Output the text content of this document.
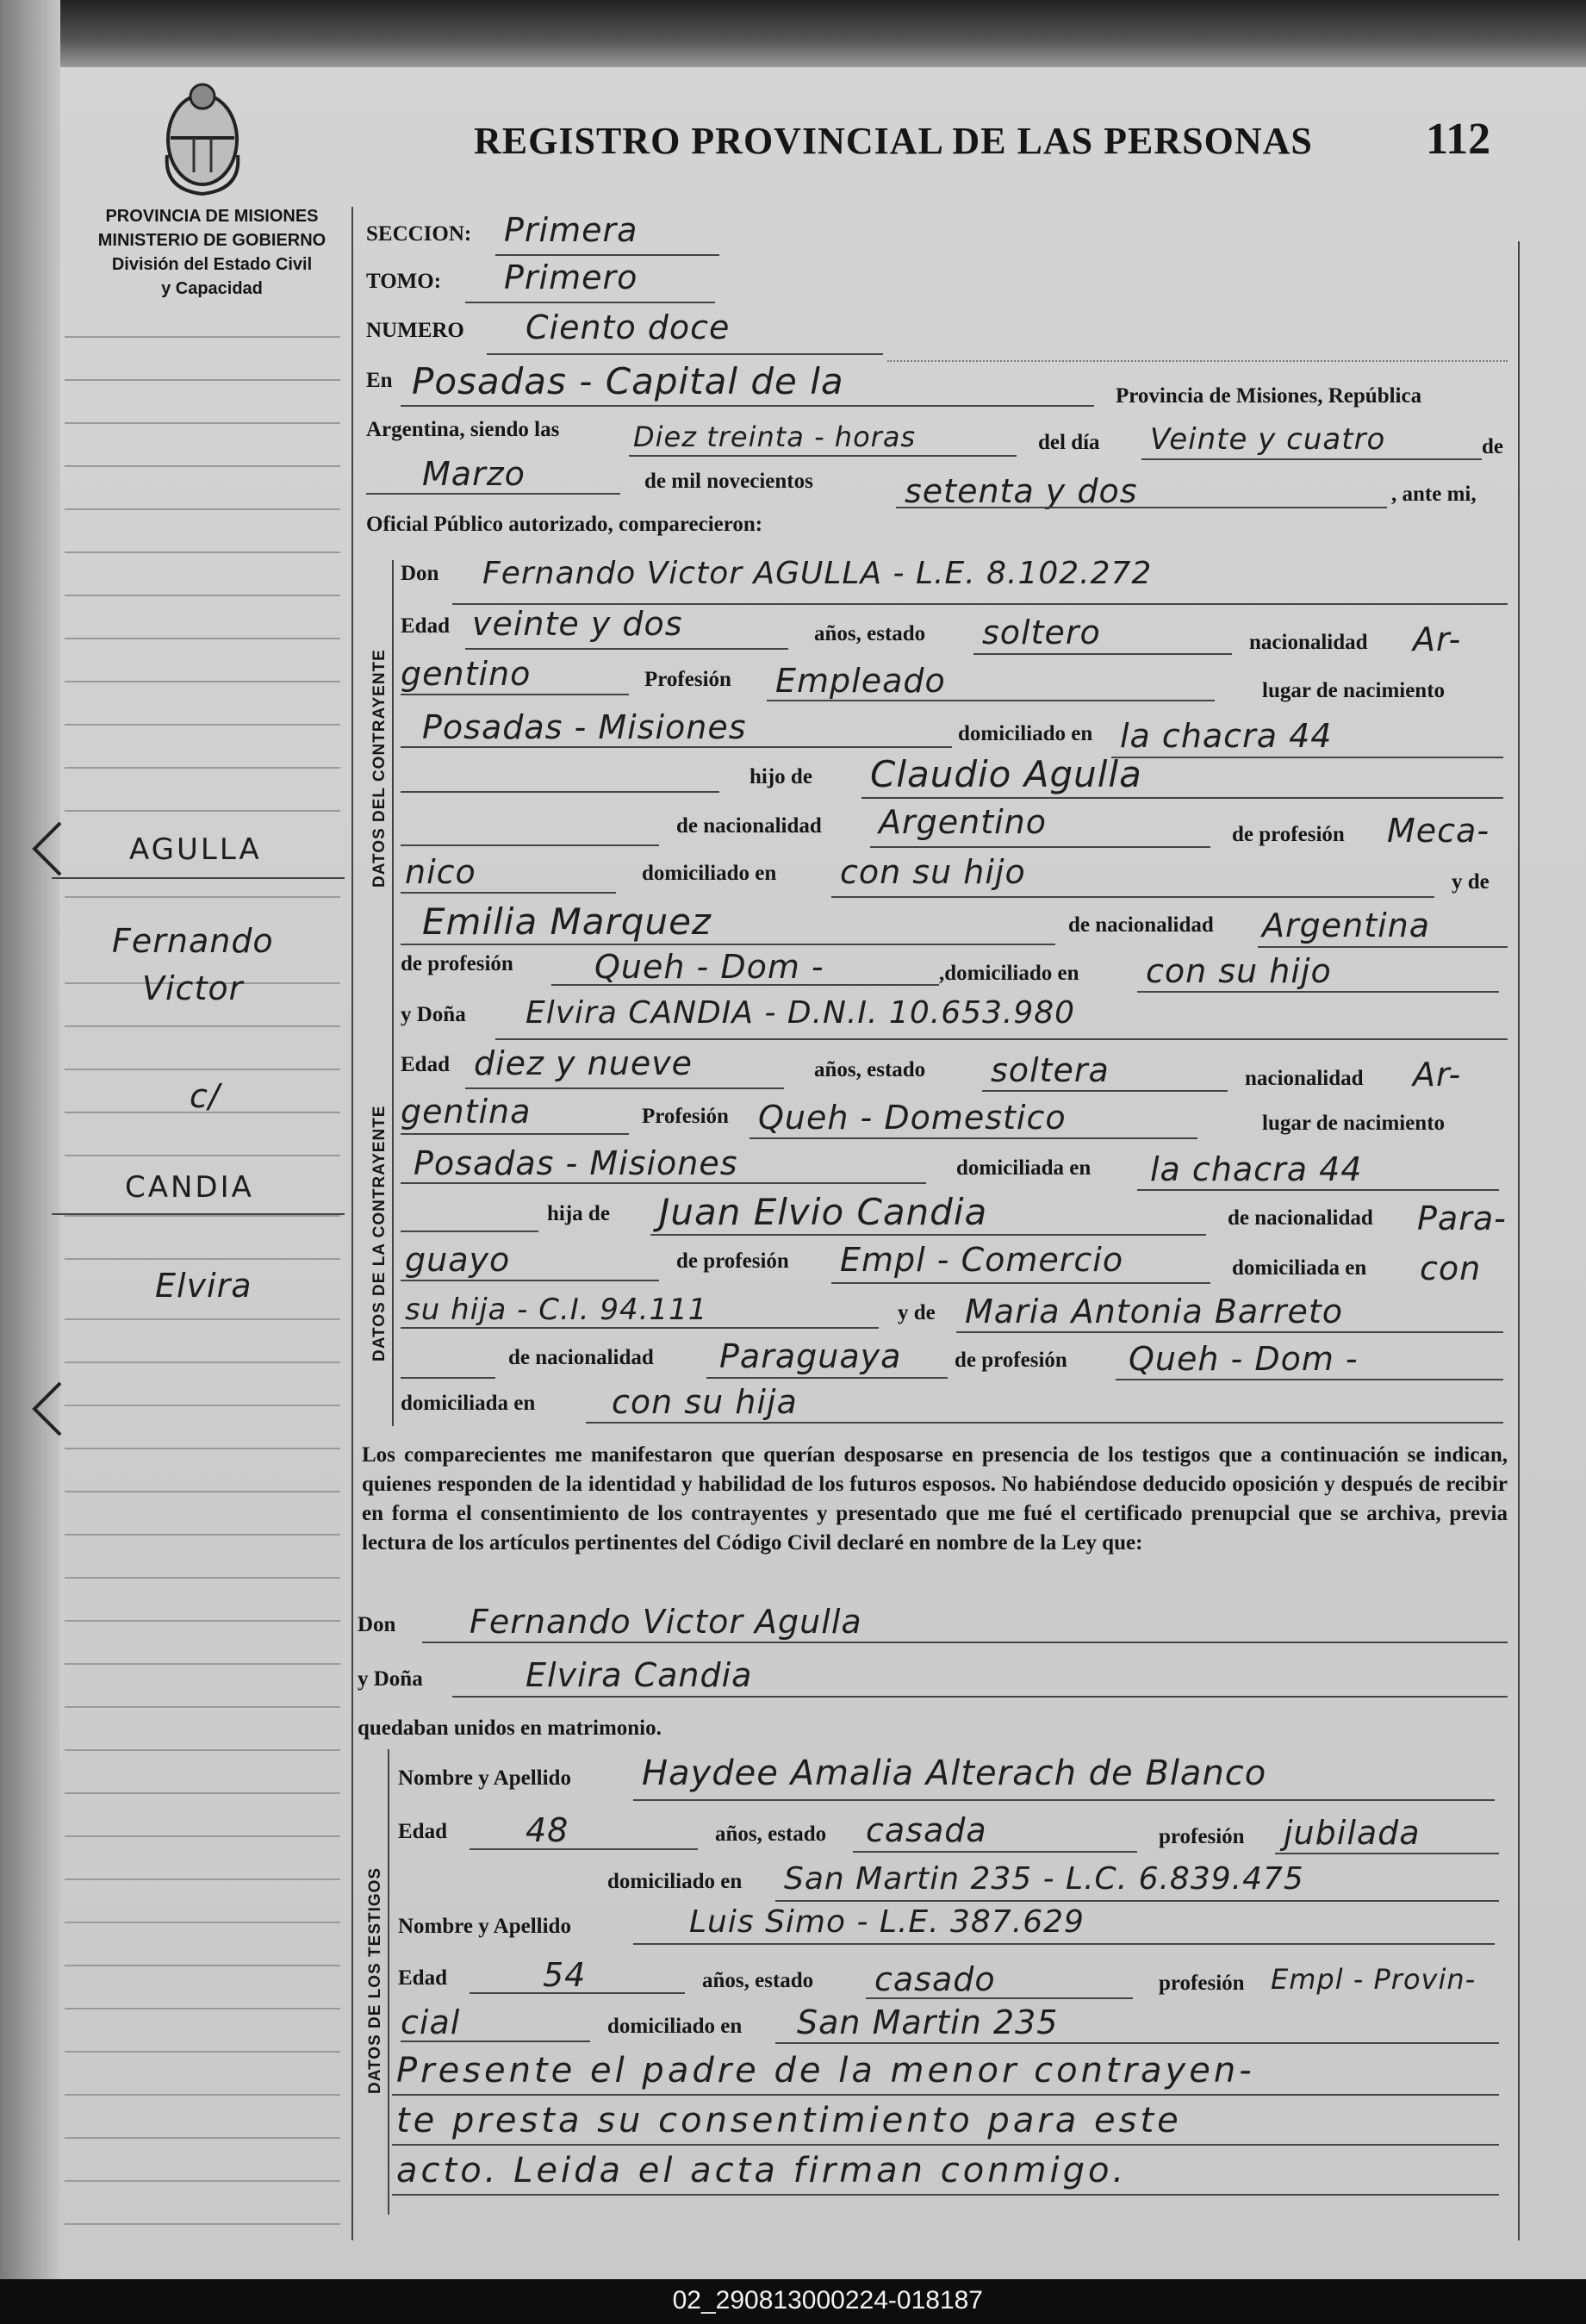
02_290813000224-018187
PROVINCIA DE MISIONES
MINISTERIO DE GOBIERNO
División del Estado Civil
y Capacidad
REGISTRO PROVINCIAL DE LAS PERSONAS	112
AGULLA
Fernando
Victor
c/
CANDIA
Elvira
SECCION: Primera
TOMO: Primero
NUMERO Ciento doce
En Posadas - Capital de la	Provincia de Misiones, República
Argentina, siendo las	Diez treinta - horas	del día Veinte y cuatro	de
Marzo	de mil novecientos	setenta y dos	, ante mi,
Oficial Público autorizado, comparecieron:
DATOS DEL CONTRAYENTE
Don Fernando Victor AGULLA - L.E. 8.102.272
Edad veinte y dos	años, estado soltero	nacionalidad Ar-
gentino	Profesión Empleado	lugar de nacimiento
Posadas - Misiones	domiciliado en la chacra 44
hijo de Claudio Agulla
de nacionalidad Argentino	de profesión Meca-
nico	domiciliado en con su hijo	y de
Emilia Marquez	de nacionalidad Argentina
de profesión Queh - Dom -	,domiciliado en con su hijo
y Doña Elvira CANDIA - D.N.I. 10.653.980
DATOS DE LA CONTRAYENTE
Edad diez y nueve	años, estado soltera	nacionalidad Ar-
gentina	Profesión Queh - Domestico	lugar de nacimiento
Posadas - Misiones	domiciliada en la chacra 44
hija de Juan Elvio Candia	de nacionalidad Para-
guayo	de profesión Empl - Comercio	domiciliada en con
su hija - C.I. 94.111	y de Maria Antonia Barreto
de nacionalidad Paraguaya de profesión Queh - Dom -
domiciliada en con su hija
Los comparecientes me manifestaron que querían desposarse en presencia de los testigos que a continuación se indican, quienes responden de la identidad y habilidad de los futuros esposos. No habiéndose deducido oposición y después de recibir en forma el consentimiento de los contrayentes y presentado que me fué el certificado prenupcial que se archiva, previa lectura de los artículos pertinentes del Código Civil declaré en nombre de la Ley que:
Don Fernando Victor Agulla
y Doña	Elvira Candia
quedaban unidos en matrimonio.
DATOS DE LOS TESTIGOS
Nombre y Apellido Haydee Amalia Alterach de Blanco
Edad 48	años, estado casada	profesión jubilada
domiciliado en San Martin 235 - L.C. 6.839.475
Nombre y Apellido	Luis Simo - L.E. 387.629
Edad	54	años, estado casado	profesión Empl - Provin-
cial	domiciliado en San Martin 235
Presente el padre de la menor contrayen-
te presta su consentimiento para este
acto. Leida el acta firman conmigo.
